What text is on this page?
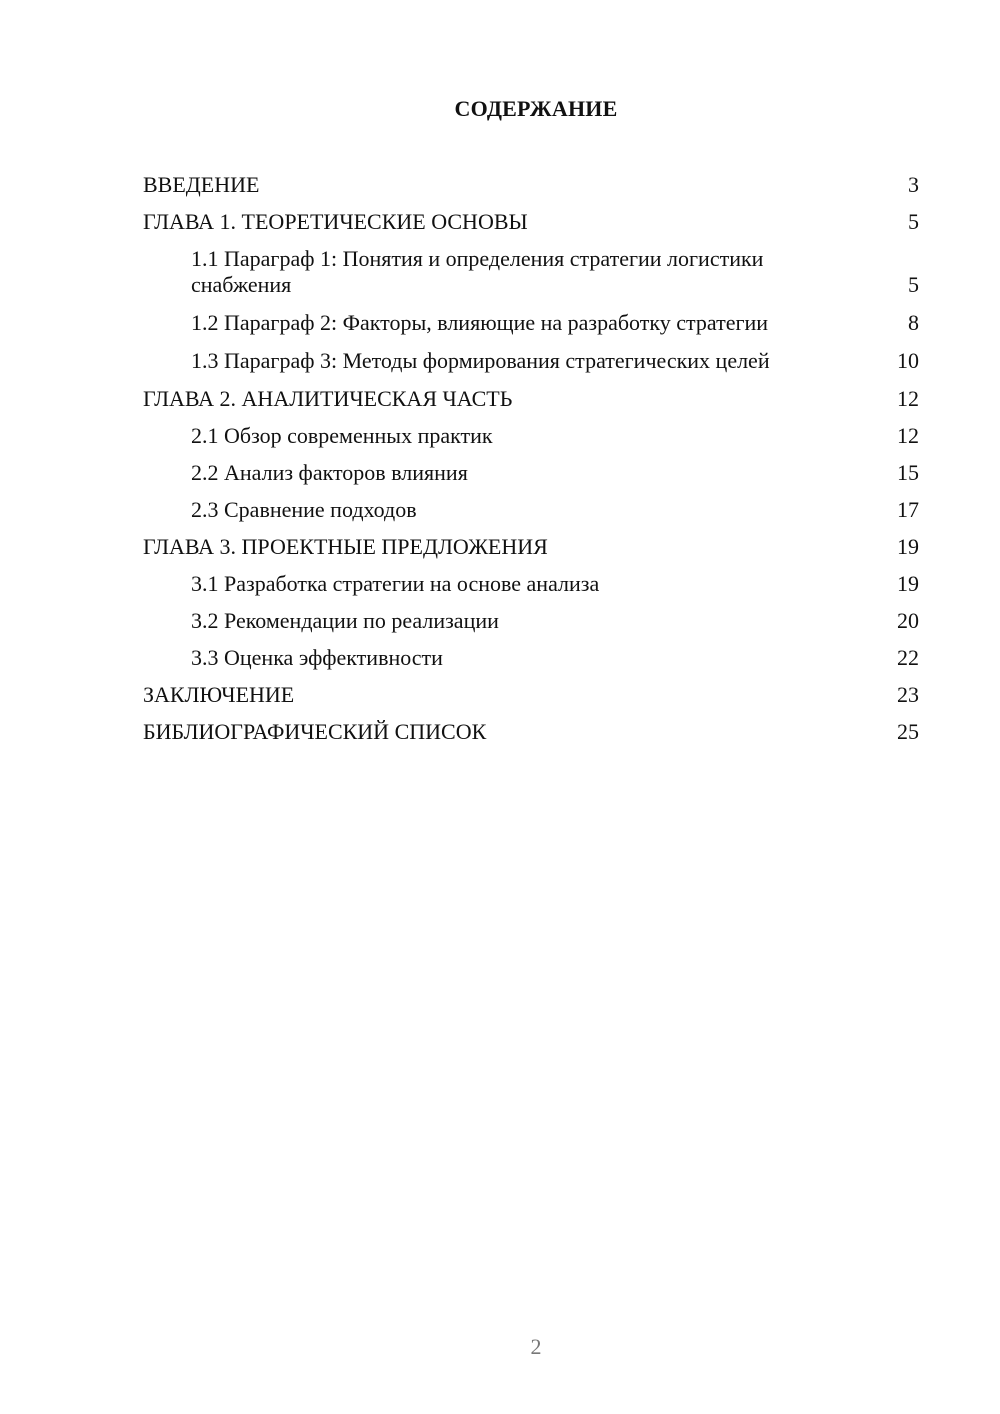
СОДЕРЖАНИЕ
ВВЕДЕНИЕ	3
ГЛАВА 1. ТЕОРЕТИЧЕСКИЕ ОСНОВЫ	5
1.1 Параграф 1: Понятия и определения стратегии логистики снабжения	5
1.2 Параграф 2: Факторы, влияющие на разработку стратегии	8
1.3 Параграф 3: Методы формирования стратегических целей	10
ГЛАВА 2. АНАЛИТИЧЕСКАЯ ЧАСТЬ	12
2.1 Обзор современных практик	12
2.2 Анализ факторов влияния	15
2.3 Сравнение подходов	17
ГЛАВА 3. ПРОЕКТНЫЕ ПРЕДЛОЖЕНИЯ	19
3.1 Разработка стратегии на основе анализа	19
3.2 Рекомендации по реализации	20
3.3 Оценка эффективности	22
ЗАКЛЮЧЕНИЕ	23
БИБЛИОГРАФИЧЕСКИЙ СПИСОК	25
2
